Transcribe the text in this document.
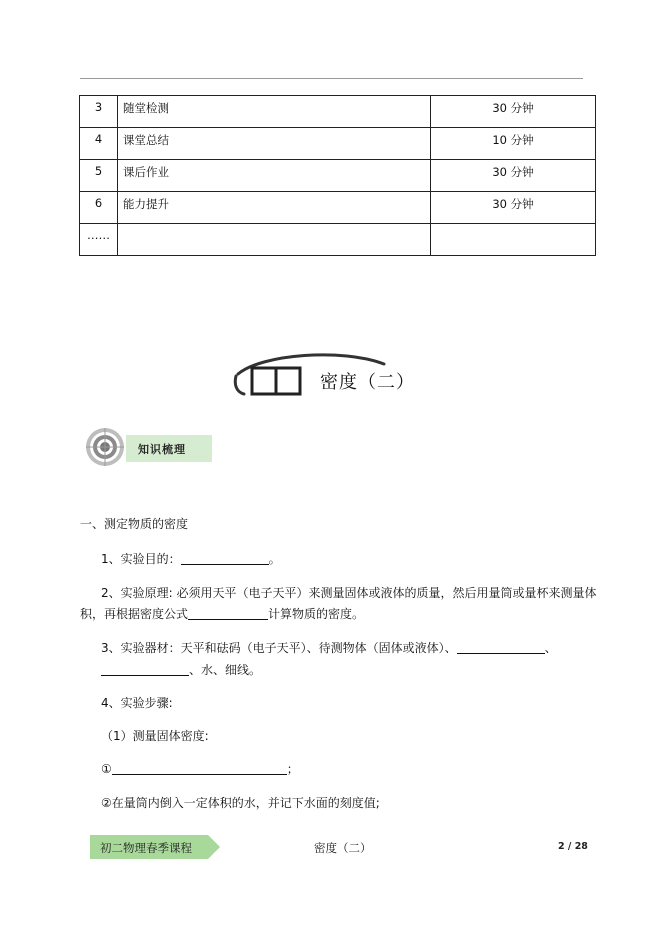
3	随堂检测	30 分钟
4	课堂总结	10 分钟
5	课后作业	30 分钟
6	能力提升	30 分钟
……		
密度（二）
知识梳理
一、测定物质的密度
1、实验目的：	。
2、实验原理: 必须用天平（电子天平）来测量固体或液体的质量，然后用量筒或量杯来测量体
积，再根据密度公式	计算物质的密度。
3、实验器材：天平和砝码（电子天平）、待测物体（固体或液体）、	、
、水、细线。
4、实验步骤:
（1）测量固体密度:
①	；
②在量筒内倒入一定体积的水，并记下水面的刻度值;
初二物理春季课程	密度（二）	2 / 28
